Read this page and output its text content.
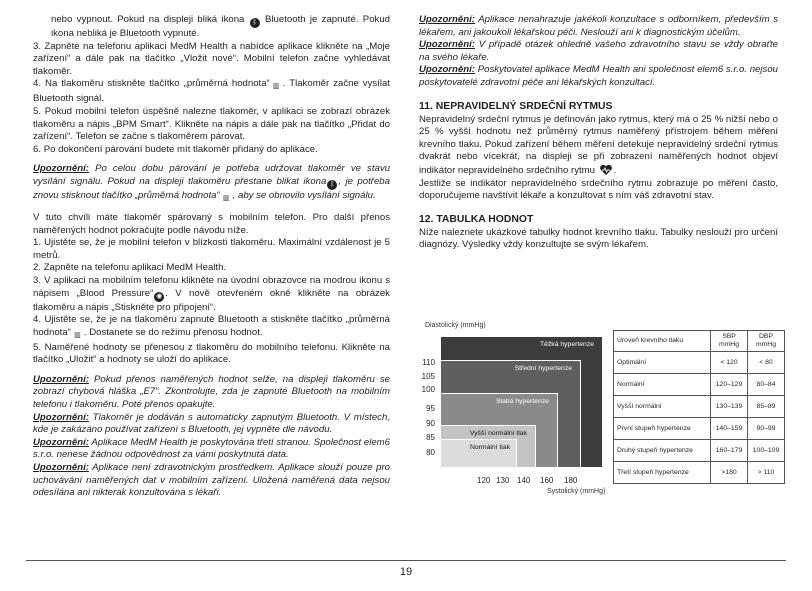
nebo vypnout. Pokud na displeji bliká ikona ᛒ Bluetooth je zapnuté. Pokud ikona nebliká je Bluetooth vypnuté.

3. Zapněte na telefonu aplikaci MedM Health a nabídce aplikace klikněte na „Moje zařízení“ a dále pak na tlačítko „Vložit nové“. Mobilní telefon začne vyhledávat tlakoměr.
4. Na tlakoměru stiskněte tlačítko „průměrná hodnota“ ▥ . Tlakoměr začne vysílat Bluetooth signál.
5. Pokud mobilní telefon úspěšně nalezne tlakoměr, v aplikaci se zobrazí obrázek tlakoměru a nápis „BPM Smart“. Klikněte na nápis a dále pak na tlačítko „Přidat do zařízení“. Telefon se začne s tlakoměrem párovat.
6. Po dokončení párování budete mít tlakoměr přidaný do aplikace.

Upozornění: Po celou dobu párování je potřeba udržovat tlakoměr ve stavu vysílání signálu. Pokud na displeji tlakoměru přestane blikat ikona ᛒ , je potřeba znovu stisknout tlačítko „průměrná hodnota“ ▥ , aby se obnovilo vysílání signálu.

V tuto chvíli máte tlakoměr spárovaný s mobilním telefon. Pro další přenos naměřených hodnot pokračujte podle návodu níže.

1. Ujistěte se, že je mobilní telefon v blízkosti tlakoměru. Maximální vzdálenost je 5 metrů.
2. Zapněte na telefonu aplikaci MedM Health.
3. V aplikaci na mobilním telefonu klikněte na úvodní obrazovce na modrou ikonu s nápisem „Blood Pressure“ ◉ . V nově otevřeném okně klikněte na obrázek tlakoměru a nápis „Stiskněte pro připojení“.
4. Ujistěte se, že je na tlakoměru zapnuté Bluetooth a stiskněte tlačítko „průměrná hodnota“ ▥ . Dostanete se do režimu přenosu hodnot.
5. Naměřené hodnoty se přenesou z tlakoměru do mobilního telefonu. Klikněte na tlačítko „Uložit“ a hodnoty se uloží do aplikace.

Upozornění: Pokud přenos naměřených hodnot selže, na displeji tlakoměru se zobrazí chybová hláška „E7“. Zkontrolujte, zda je zapnuté Bluetooth na mobilním telefonu i tlakoměru. Poté přenos opakujte.

Upozornění: Tlakoměr je dodáván s automaticky zapnutým Bluetooth. V místech, kde je zakázáno používat zařízení s Bluetooth, jej vypněte dle návodu.

Upozornění: Aplikace MedM Health je poskytována třetí stranou. Společnost elem6 s.r.o. nenese žádnou odpovědnost za vámi poskytnutá data.

Upozornění: Aplikace není zdravotnickým prostředkem. Aplikace slouží pouze pro uchovávání naměřených dat v mobilním zařízení. Uložená naměřená data nejsou odesílána ani nikterak konzultována s lékaři.

Upozornění: Aplikace nenahrazuje jakékoli konzultace s odborníkem, především s lékařem, ani jakoukoli lékařskou péči. Neslouží ani k diagnostickým účelům.

Upozornění: V případě otázek ohledně vašeho zdravotního stavu se vždy obraťte na svého lékaře.

Upozornění: Poskytovatel aplikace MedM Health ani společnost elem6 s.r.o. nejsou poskytovatelé zdravotní péče ani lékařských konzultací.

11. NEPRAVIDELNÝ SRDEČNÍ RYTMUS

Nepravidelný srdeční rytmus je definován jako rytmus, který má o 25 % nižší nebo o 25 % vyšší hodnotu než průměrný rytmus naměřený přístrojem během měření krevního tlaku. Pokud zařízení během měření detekuje nepravidelný srdeční rytmus dvakrát nebo vícekrát, na displeji se při zobrazení naměřených hodnot objeví indikátor nepravidelného srdečního rytmu .

Jestliže se indikátor nepravidelného srdečního rytmu zobrazuje po měření často, doporučujeme navštívit lékaře a konzultovat s ním váš zdravotní stav.

12. TABULKA HODNOT

Níže naleznete ukázkové tabulky hodnot krevního tlaku. Tabulky neslouží pro určení diagnózy. Výsledky vždy konzultujte se svým lékařem.

Diastolický (mmHg)
Těžká hypertenze
Střední hypertenze
Slabá hypertenze
Vyšší normální tlak
Normální tlak
110
105
100
95
90
85
80
120 130 140 160 180
Systolický (mmHg)
Úroveň krevního tlaku	SBP mmHg	DBP mmHg
Optimální	< 120	< 80
Normální	120–129	80–84
Vyšší normální	130–139	85–89
První stupeň hypertenze	140–159	90–99
Druhý stupeň hypertenze	160–179	100–109
Třetí stupeň hypertenze	>180	> 110
19
